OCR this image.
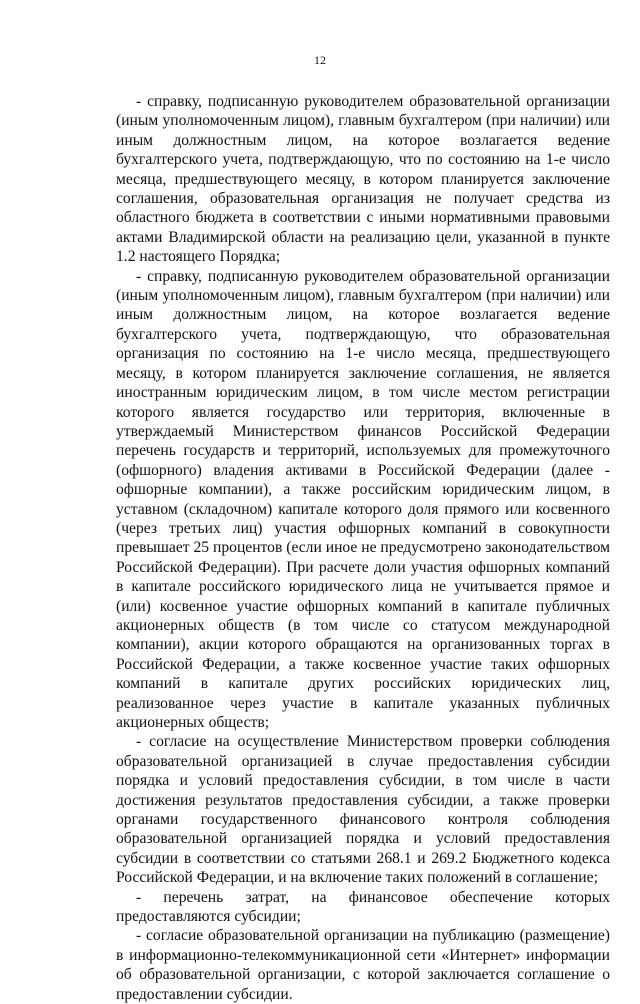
12

- справку, подписанную руководителем образовательной организации (иным уполномоченным лицом), главным бухгалтером (при наличии) или иным должностным лицом, на которое возлагается ведение бухгалтерского учета, подтверждающую, что по состоянию на 1-е число месяца, предшествующего месяцу, в котором планируется заключение соглашения, образовательная организация не получает средства из областного бюджета в соответствии с иными нормативными правовыми актами Владимирской области на реализацию цели, указанной в пункте 1.2 настоящего Порядка;

- справку, подписанную руководителем образовательной организации (иным уполномоченным лицом), главным бухгалтером (при наличии) или иным должностным лицом, на которое возлагается ведение бухгалтерского учета, подтверждающую, что образовательная организация по состоянию на 1-е число месяца, предшествующего месяцу, в котором планируется заключение соглашения, не является иностранным юридическим лицом, в том числе местом регистрации которого является государство или территория, включенные в утверждаемый Министерством финансов Российской Федерации перечень государств и территорий, используемых для промежуточного (офшорного) владения активами в Российской Федерации (далее - офшорные компании), а также российским юридическим лицом, в уставном (складочном) капитале которого доля прямого или косвенного (через третьих лиц) участия офшорных компаний в совокупности превышает 25 процентов (если иное не предусмотрено законодательством Российской Федерации). При расчете доли участия офшорных компаний в капитале российского юридического лица не учитывается прямое и (или) косвенное участие офшорных компаний в капитале публичных акционерных обществ (в том числе со статусом международной компании), акции которого обращаются на организованных торгах в Российской Федерации, а также косвенное участие таких офшорных компаний в капитале других российских юридических лиц, реализованное через участие в капитале указанных публичных акционерных обществ;

- согласие на осуществление Министерством проверки соблюдения образовательной организацией в случае предоставления субсидии порядка и условий предоставления субсидии, в том числе в части достижения результатов предоставления субсидии, а также проверки органами государственного финансового контроля соблюдения образовательной организацией порядка и условий предоставления субсидии в соответствии со статьями 268.1 и 269.2 Бюджетного кодекса Российской Федерации, и на включение таких положений в соглашение;

- перечень затрат, на финансовое обеспечение которых предоставляются субсидии;

- согласие образовательной организации на публикацию (размещение) в информационно-телекоммуникационной сети «Интернет» информации об образовательной организации, с которой заключается соглашение о предоставлении субсидии.
